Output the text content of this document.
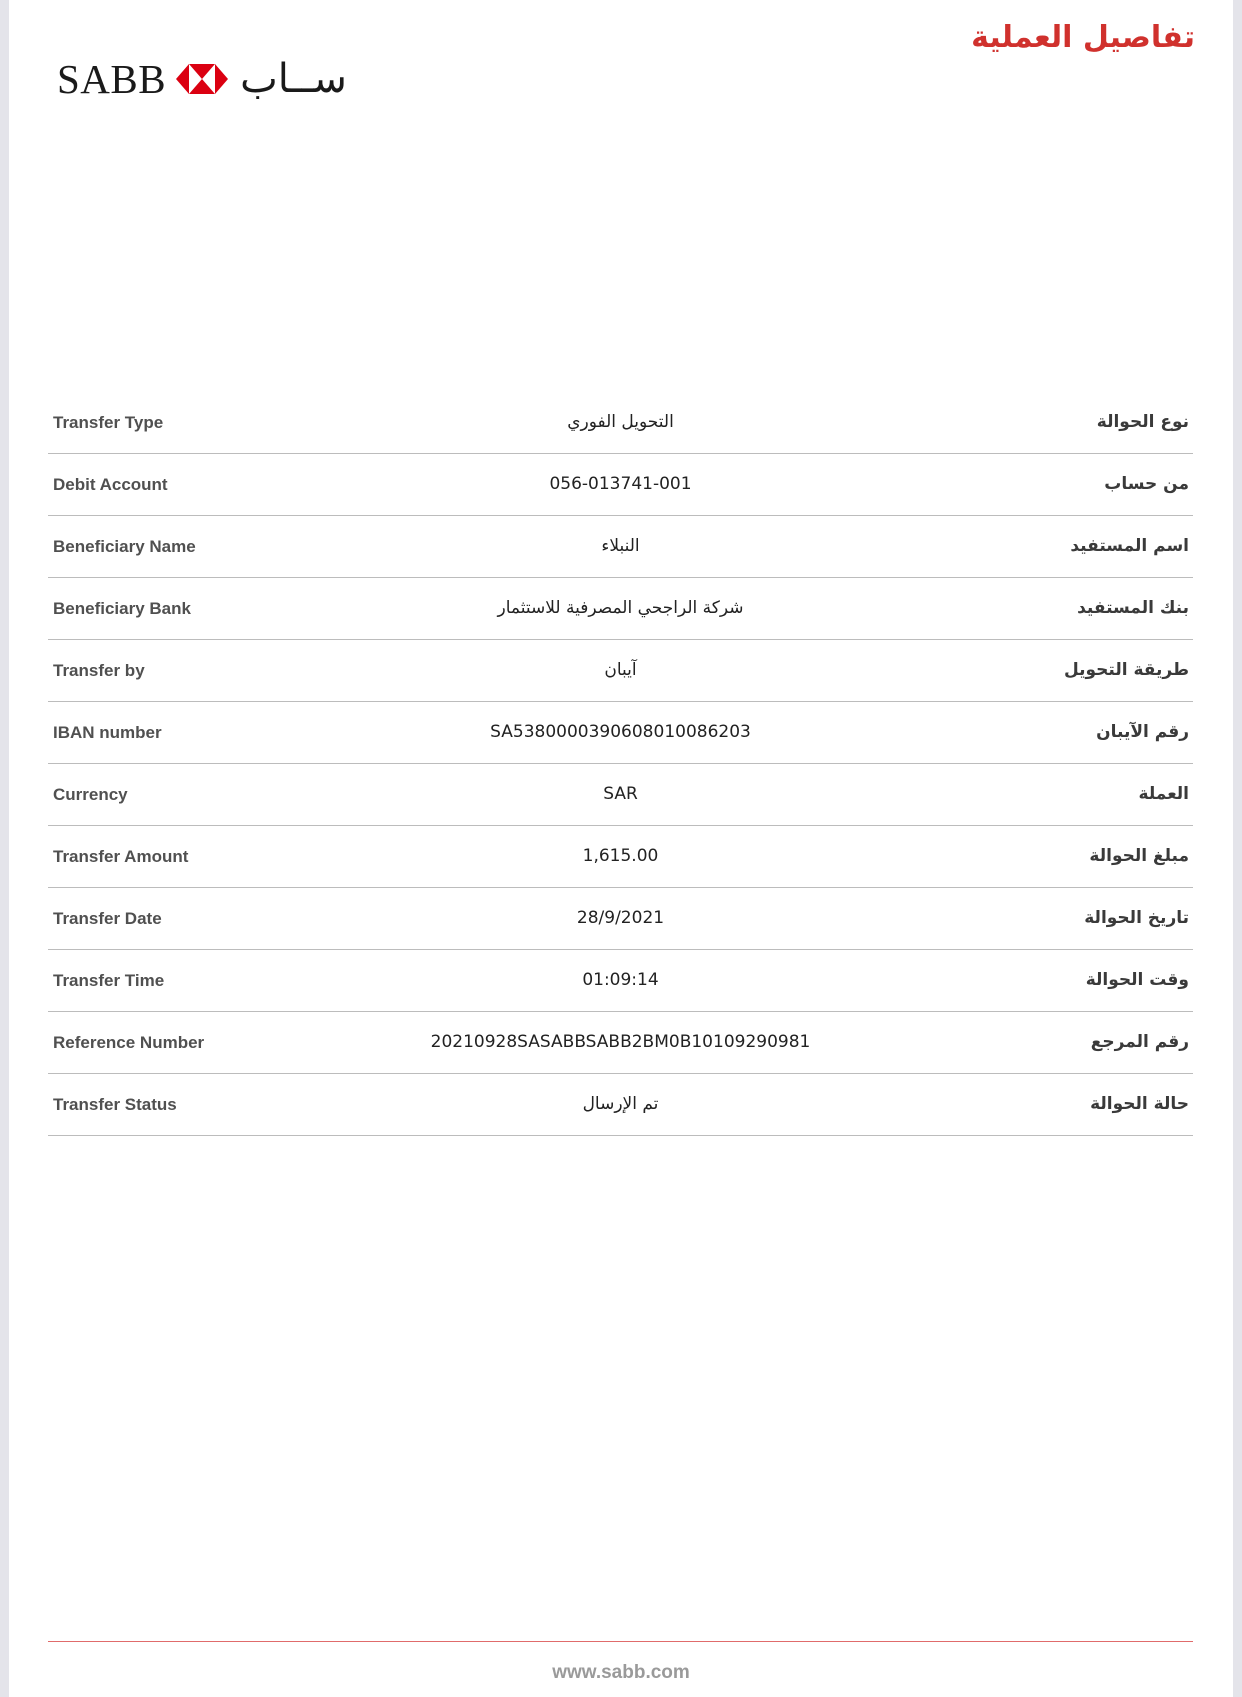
تفاصيل العملية
SABB ســاب
Transfer Type	التحويل الفوري	نوع الحوالة
Debit Account	056-013741-001	من حساب
Beneficiary Name	النبلاء	اسم المستفيد
Beneficiary Bank	شركة الراجحي المصرفية للاستثمار	بنك المستفيد
Transfer by	آيبان	طريقة التحويل
IBAN number	SA5380000390608010086203	رقم الآيبان
Currency	SAR	العملة
Transfer Amount	1,615.00	مبلغ الحوالة
Transfer Date	28/9/2021	تاريخ الحوالة
Transfer Time	01:09:14	وقت الحوالة
Reference Number	20210928SASABBSABB2BM0B10109290981	رقم المرجع
Transfer Status	تم الإرسال	حالة الحوالة
www.sabb.com
